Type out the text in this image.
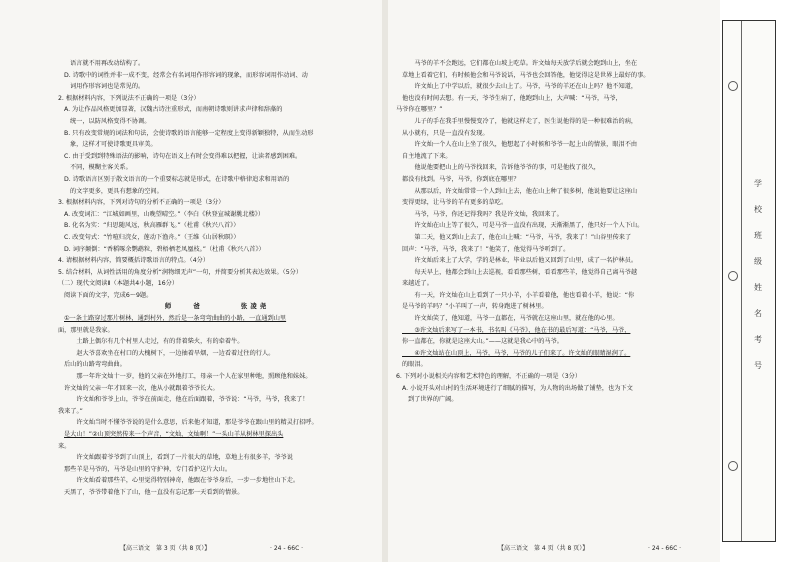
语言就不用再改动结构了。

D. 诗歌中的词性并非一成不变，经常会有名词用作形容词的现象，而形容词用作动词、动

词用作形容词也是常见的。

2. 根据材料内容，下列说法不正确的一项是（3分）

A. 为让作品风格更加显著，汉魏古诗注重形式，而南朝诗歌则讲求声律和辞藻的

统一，以防风格变得不协调。

B. 只有改变常规的词法和句法，会使诗歌的语言能够一定程度上变得新颖独特，从而生动形

象，这样才可使诗歌更具审美。

C. 由于受到到特殊语法的影响，诗句在语义上有时会变得难以把握，让读者感到困难。

不同，模糊主客关系。

D. 诗歌语言区别于散文语言的一个重要标志就是形式，在诗歌中格律追求和用语的

的文字更多，更具有想象的空间。

3. 根据材料内容，下列对诗句的分析不正确的一项是（3分）

A. 改变词汇：“江城如画里，山晚望晴空。”（李白《秋登宣城谢脁北楼》）

B. 化名为实：“归思随风远，秋高雁群飞。”（杜甫《秋兴八首》）

C. 改变句式：“竹喧归浣女，莲动下渔舟。”（王维《山居秋暝》）

D. 词序颠倒：“香稻啄余鹦鹉粒，碧梧栖老凤凰枝。”（杜甫《秋兴八首》）

4. 请根据材料内容，简要概括诗歌语言的特点。（4分）

5. 结合材料，从词性活用的角度分析“润物细无声”一句，并简要分析其表达效果。（5分）

（二）现代文阅读Ⅱ（本题共4小题，16分）

阅读下面的文字，完成6～9题。

师　　爸　　　　张凌尧

①一条土路穿过那片树林，通到村外，然后是一条弯弯曲曲的小路，一直通到山里

面，那里就是我家。

　　土路上偶尔有几个村里人走过，有的背着柴火，有的牵着牛。

　　赵大爷喜欢坐在村口的大槐树下，一边抽着旱烟，一边看着过往的行人。

后山的山路弯弯曲曲。

　　那一年许文灿十一岁，他的父亲在外地打工，母亲一个人在家里种地，照顾他和妹妹。

许文灿的父亲一年才回来一次，他从小就跟着爷爷长大。

　　许文灿和爷爷上山，爷爷在前面走，他在后面跟着，爷爷说：“马爷，马爷，我来了！

我来了。”

　　许文灿当时不懂爷爷说的是什么意思，后来他才知道，那是爷爷在跟山里的精灵打招呼。

是大山！”②山顶突然传来一个声音，“文灿，文灿啊！”一头山羊从树林里探出头

来。

　　许文灿跟着爷爷到了山顶上，看到了一片很大的草地，草地上有很多羊，爷爷说

那些羊是马爷的，马爷是山里的守护神，专门看护这片大山。

　　许文灿看着那些羊，心里觉得特别神奇，他跟在爷爷身后，一步一步地往山下走。

天黑了，爷爷带着他下了山，他一直没有忘记那一天看到的情景。

【高三语文　第 3 页（共 8 页）】	· 24 - 66C ·

　　马爷的羊不会跑远，它们都在山坡上吃草。许文灿每天放学后就会跑到山上，坐在

草地上看着它们，有时候他会和马爷说话，马爷也会回答他，他觉得这是世界上最好的事。

　　许文灿上了中学以后，就很少去山上了。马爷，马爷的羊还在山上吗？他不知道，

他也没有时间去想。有一天，爷爷生病了，他跑到山上，大声喊：“马爷，马爷，

马爷你在哪里？”

　　儿子的手在我手里慢慢变冷了，他就这样走了，医生说他得的是一种很难治的病，

从小就有，只是一直没有发现。

　　许文灿一个人在山上坐了很久，他想起了小时候和爷爷一起上山的情景，眼泪不由

自主地流了下来。

　　他说他要把山上的马爷找回来，告诉他爷爷的事，可是他找了很久，

都没有找到。马爷，马爷，你到底在哪里？

　　从那以后，许文灿常常一个人到山上去，他在山上种了很多树，他说他要让这座山

变得更绿，让马爷的羊有更多的草吃。

　　马爷，马爷，你还记得我吗？我是许文灿，我回来了。

　　许文灿在山上等了很久，可是马爷一直没有出现，天渐渐黑了，他只好一个人下山。

　　第二天，他又到山上去了，他在山上喊：“马爷，马爷，我来了！”山谷里传来了

回声：“马爷，马爷，我来了！”他笑了，他觉得马爷听到了。

　　许文灿后来上了大学，学的是林业，毕业以后他又回到了山里，成了一名护林员。

　　每天早上，他都会到山上去巡视，看看那些树，看看那些羊，他觉得自己离马爷越

来越近了。

　　有一天，许文灿在山上看到了一只小羊，小羊看着他，他也看着小羊，他说：“你

是马爷的羊吗？”小羊叫了一声，转身跑进了树林里。

　　许文灿笑了，他知道，马爷一直都在，马爷就在这座山里，就在他的心里。

　　③许文灿后来写了一本书，书名叫《马爷》，他在书的最后写道：“马爷，马爷，

你一直都在，你就是这座大山。”——这就是我心中的马爷。

　　④许文灿站在山顶上，马爷，马爷，马爷的儿子们来了。许文灿的眼睛湿润了。

的眼泪。

6. 下列对小说相关内容和艺术特色的理解，不正确的一项是（3分）

A. 小说开头对山村的生活环境进行了细腻的描写，为人物的出场做了铺垫，也为下文

到了世界的广阔。

【高三语文　第 4 页（共 8 页）】	· 24 - 66C ·
学
校
班
级
姓
名
考
号
